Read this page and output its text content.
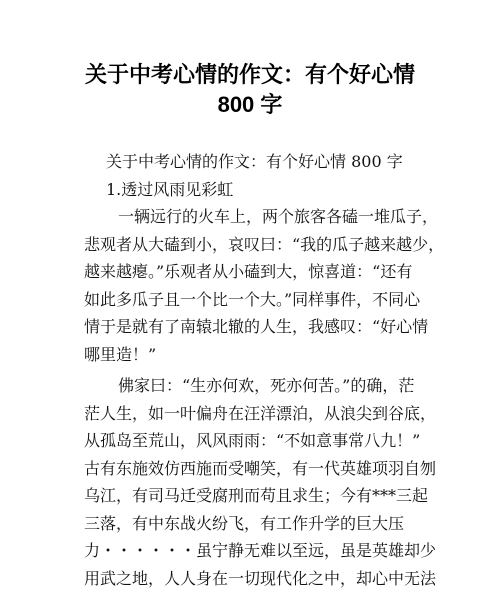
关于中考心情的作文：有个好心情
800 字

关于中考心情的作文：有个好心情 800 字

1.透过风雨见彩虹

一辆远行的火车上，两个旅客各磕一堆瓜子，
悲观者从大磕到小，哀叹曰：“我的瓜子越来越少，
越来越瘪。”乐观者从小磕到大，惊喜道：“还有
如此多瓜子且一个比一个大。”同样事件，不同心
情于是就有了南辕北辙的人生，我感叹：“好心情
哪里造！”
佛家曰：“生亦何欢，死亦何苦。”的确，茫
茫人生，如一叶偏舟在汪洋漂泊，从浪尖到谷底，
从孤岛至荒山，风风雨雨：“不如意事常八九！”
古有东施效仿西施而受嘲笑，有一代英雄项羽自刎
乌江，有司马迁受腐刑而苟且求生；今有***三起
三落，有中东战火纷飞，有工作升学的巨大压
力・・・・・・虽宁静无难以至远，虽是英雄却少
用武之地，人人身在一切现代化之中，却心中无法
